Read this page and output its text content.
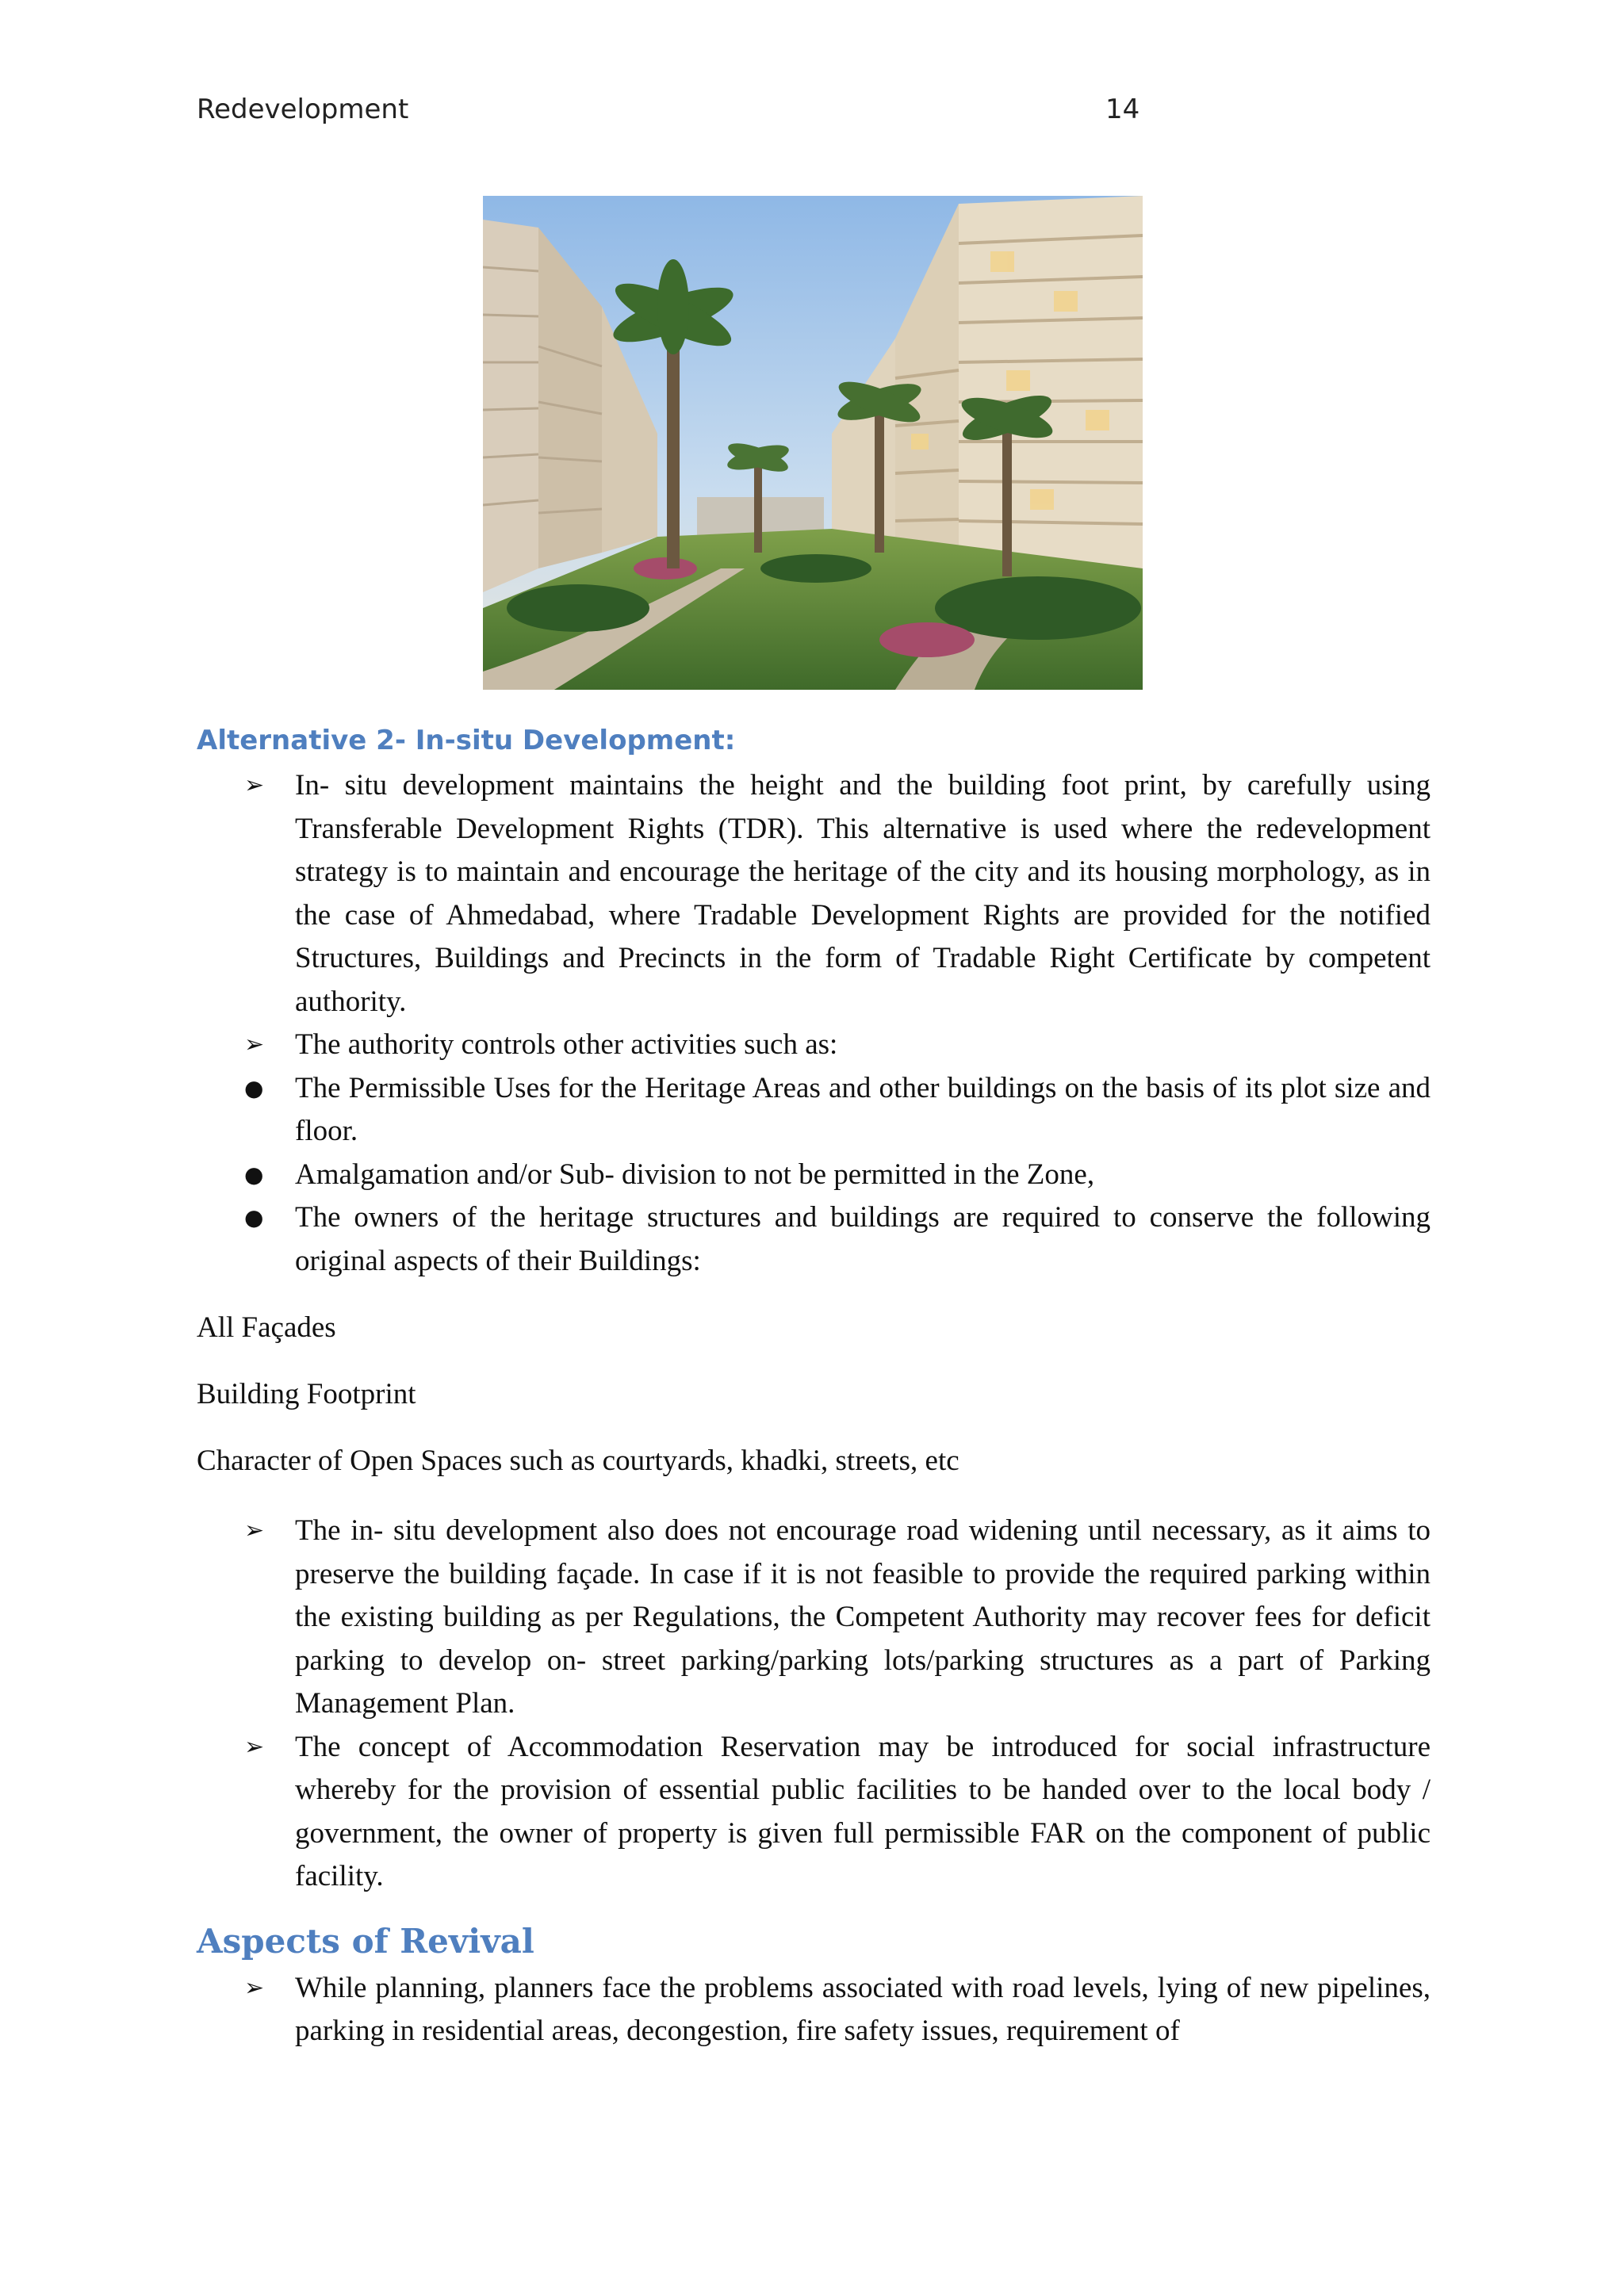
Redevelopment	14
Alternative 2- In-situ Development:
➢	In- situ development maintains the height and the building foot print, by carefully using Transferable Development Rights (TDR). This alternative is used where the redevelopment strategy is to maintain and encourage the heritage of the city and its housing morphology, as in the case of Ahmedabad, where Tradable Development Rights are provided for the notified Structures, Buildings and Precincts in the form of Tradable Right Certificate by competent authority.

➢	The authority controls other activities such as:

●	The Permissible Uses for the Heritage Areas and other buildings on the basis of its plot size and floor.

●	Amalgamation and/or Sub- division to not be permitted in the Zone,

●	The owners of the heritage structures and buildings are required to conserve the following original aspects of their Buildings:

All Façades
Building Footprint
Character of Open Spaces such as courtyards, khadki, streets, etc
➢	The in- situ development also does not encourage road widening until necessary, as it aims to preserve the building façade. In case if it is not feasible to provide the required parking within the existing building as per Regulations, the Competent Authority may recover fees for deficit parking to develop on- street parking/parking lots/parking structures as a part of Parking Management Plan.

➢	The concept of Accommodation Reservation may be introduced for social infrastructure whereby for the provision of essential public facilities to be handed over to the local body / government, the owner of property is given full permissible FAR on the component of public facility.

Aspects of Revival
➢	While planning, planners face the problems associated with road levels, lying of new pipelines, parking in residential areas, decongestion, fire safety issues, requirement of
